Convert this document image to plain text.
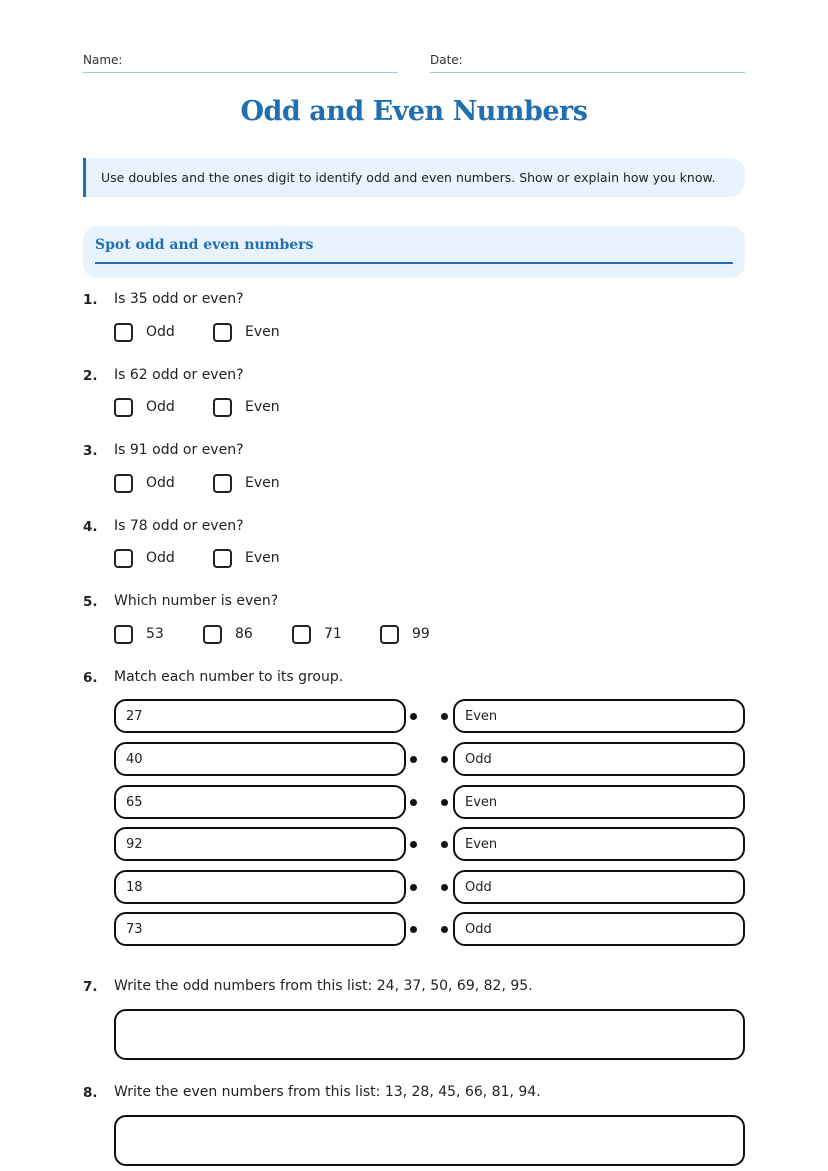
Name:	Date:
Odd and Even Numbers
Use doubles and the ones digit to identify odd and even numbers. Show or explain how you know.
Spot odd and even numbers
1. Is 35 odd or even?
Odd	Even
2. Is 62 odd or even?
Odd	Even
3. Is 91 odd or even?
Odd	Even
4. Is 78 odd or even?
Odd	Even
5. Which number is even?
53	86	71	99
6. Match each number to its group.
27	Even
40	Odd
65	Even
92	Even
18	Odd
73	Odd
7. Write the odd numbers from this list: 24, 37, 50, 69, 82, 95.
8. Write the even numbers from this list: 13, 28, 45, 66, 81, 94.
